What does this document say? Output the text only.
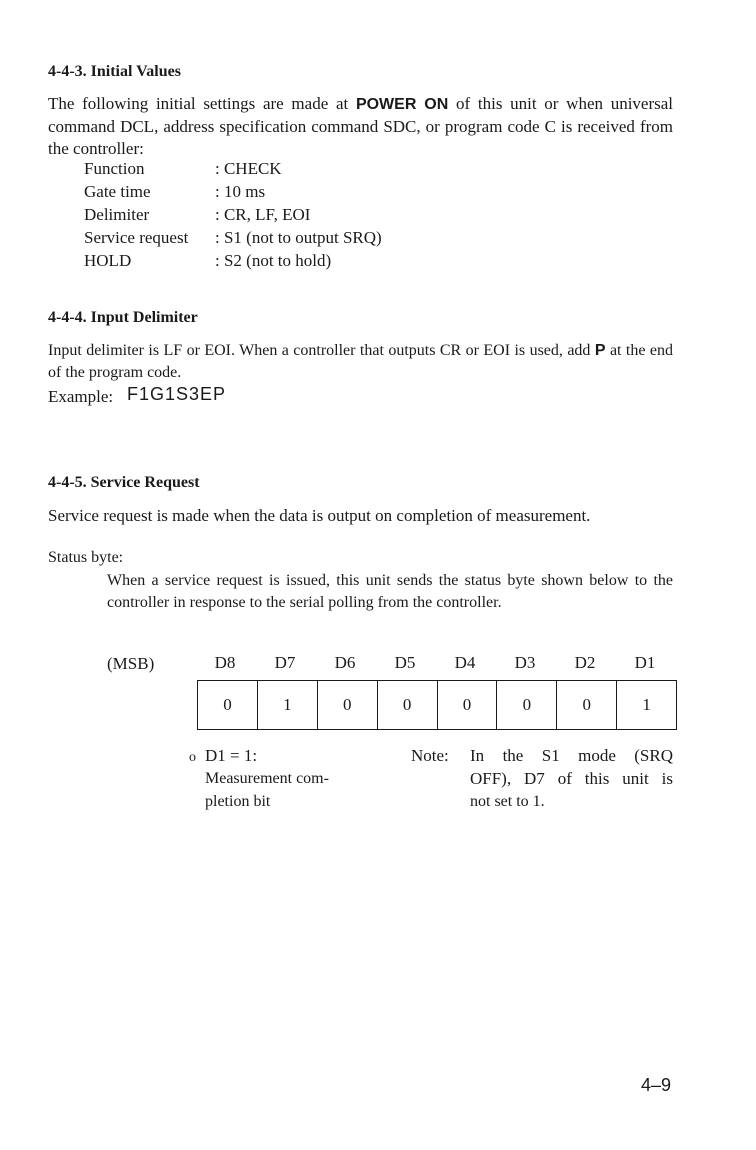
4-4-3. Initial Values
The following initial settings are made at POWER ON of this unit or when universal command DCL, address specification command SDC, or program code C is received from the controller:
Function	: CHECK
Gate time	: 10 ms
Delimiter	: CR, LF, EOI
Service request : S1 (not to output SRQ)
HOLD	: S2 (not to hold)
4-4-4. Input Delimiter
Input delimiter is LF or EOI. When a controller that outputs CR or EOI is used, add P at the end of the program code.
Example: F1G1S3EP
4-4-5. Service Request
Service request is made when the data is output on completion of measurement.
Status byte:
When a service request is issued, this unit sends the status byte shown below to the controller in response to the serial polling from the controller.
(MSB)	D8	D7	D6	D5	D4	D3	D2	D1
0	1	0	0	0	0	0	1
o D1 = 1:
Measurement com-
pletion bit
Note: In the S1 mode (SRQ
OFF), D7 of this unit is
not set to 1.
4–9
